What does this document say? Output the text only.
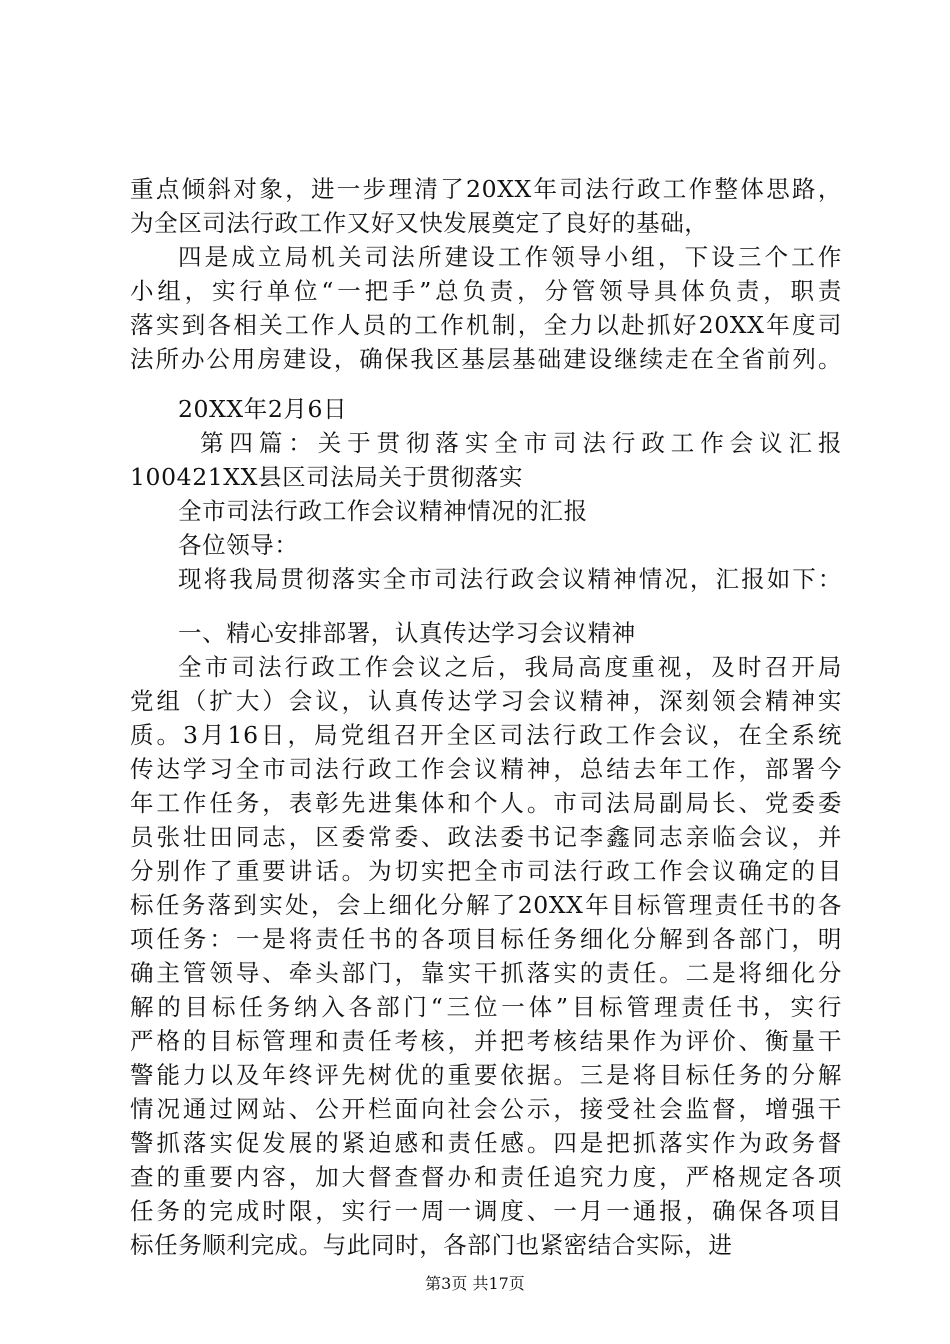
重点倾斜对象，进一步理清了20XX年司法行政工作整体思路，
为全区司法行政工作又好又快发展奠定了良好的基础，
四是成立局机关司法所建设工作领导小组，下设三个工作
小组，实行单位“一把手”总负责，分管领导具体负责，职责
落实到各相关工作人员的工作机制，全力以赴抓好20XX年度司
法所办公用房建设，确保我区基层基础建设继续走在全省前列。
20XX年2月6日
第四篇：关于贯彻落实全市司法行政工作会议汇报
100421XX县区司法局关于贯彻落实
全市司法行政工作会议精神情况的汇报
各位领导：
现将我局贯彻落实全市司法行政会议精神情况，汇报如下：
一、精心安排部署，认真传达学习会议精神
全市司法行政工作会议之后，我局高度重视，及时召开局
党组（扩大）会议，认真传达学习会议精神，深刻领会精神实
质。3月16日，局党组召开全区司法行政工作会议，在全系统
传达学习全市司法行政工作会议精神，总结去年工作，部署今
年工作任务，表彰先进集体和个人。市司法局副局长、党委委
员张壮田同志，区委常委、政法委书记李鑫同志亲临会议，并
分别作了重要讲话。为切实把全市司法行政工作会议确定的目
标任务落到实处，会上细化分解了20XX年目标管理责任书的各
项任务：一是将责任书的各项目标任务细化分解到各部门，明
确主管领导、牵头部门，靠实干抓落实的责任。二是将细化分
解的目标任务纳入各部门“三位一体”目标管理责任书，实行
严格的目标管理和责任考核，并把考核结果作为评价、衡量干
警能力以及年终评先树优的重要依据。三是将目标任务的分解
情况通过网站、公开栏面向社会公示，接受社会监督，增强干
警抓落实促发展的紧迫感和责任感。四是把抓落实作为政务督
查的重要内容，加大督查督办和责任追究力度，严格规定各项
任务的完成时限，实行一周一调度、一月一通报，确保各项目
标任务顺利完成。与此同时，各部门也紧密结合实际，进
第3页 共17页
